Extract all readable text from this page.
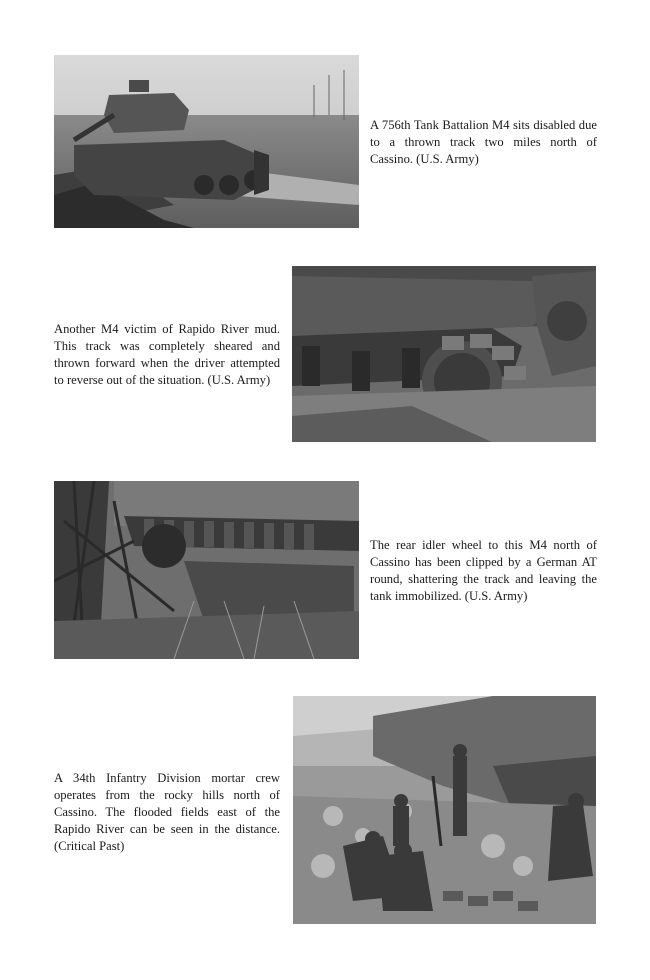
A 756th Tank Battalion M4 sits disabled due to a thrown track two miles north of Cassino. (U.S. Army)
Another M4 victim of Rapido River mud. This track was completely sheared and thrown forward when the driver attempted to reverse out of the situation. (U.S. Army)
The rear idler wheel to this M4 north of Cassino has been clipped by a German AT round, shattering the track and leaving the tank immobilized. (U.S. Army)
A 34th Infantry Division mortar crew operates from the rocky hills north of Cassino. The flooded fields east of the Rapido River can be seen in the distance. (Critical Past)
